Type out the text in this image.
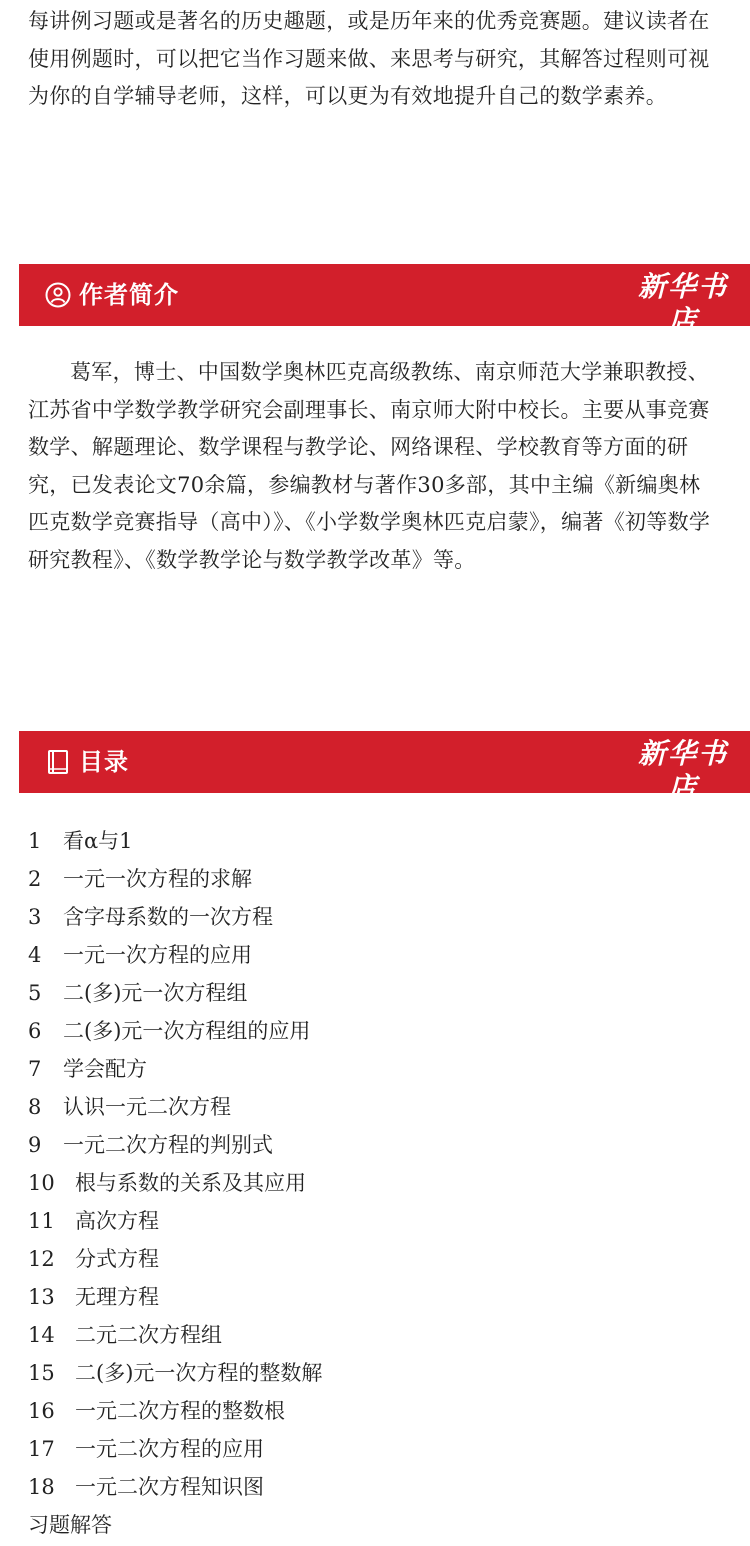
每讲例习题或是著名的历史趣题，或是历年来的优秀竞赛题。建议读者在使用例题时，可以把它当作习题来做、来思考与研究，其解答过程则可视为你的自学辅导老师，这样，可以更为有效地提升自己的数学素养。

作者简介	新华书店
XINHUA BOOKSTORE

葛军，博士、中国数学奥林匹克高级教练、南京师范大学兼职教授、江苏省中学数学教学研究会副理事长、南京师大附中校长。主要从事竞赛数学、解题理论、数学课程与教学论、网络课程、学校教育等方面的研究，已发表论文70余篇，参编教材与著作30多部，其中主编《新编奥林匹克数学竞赛指导（高中）》、《小学数学奥林匹克启蒙》，编著《初等数学研究教程》、《数学教学论与数学教学改革》等。

目录	新华书店
XINHUA BOOKSTORE
1	看α与1
2	一元一次方程的求解
3	含字母系数的一次方程
4	一元一次方程的应用
5	二(多)元一次方程组
6	二(多)元一次方程组的应用
7	学会配方
8	认识一元二次方程
9	一元二次方程的判别式
10 根与系数的关系及其应用
11 高次方程
12 分式方程
13 无理方程
14 二元二次方程组
15 二(多)元一次方程的整数解
16 一元二次方程的整数根
17 一元二次方程的应用
18 一元二次方程知识图
习题解答
